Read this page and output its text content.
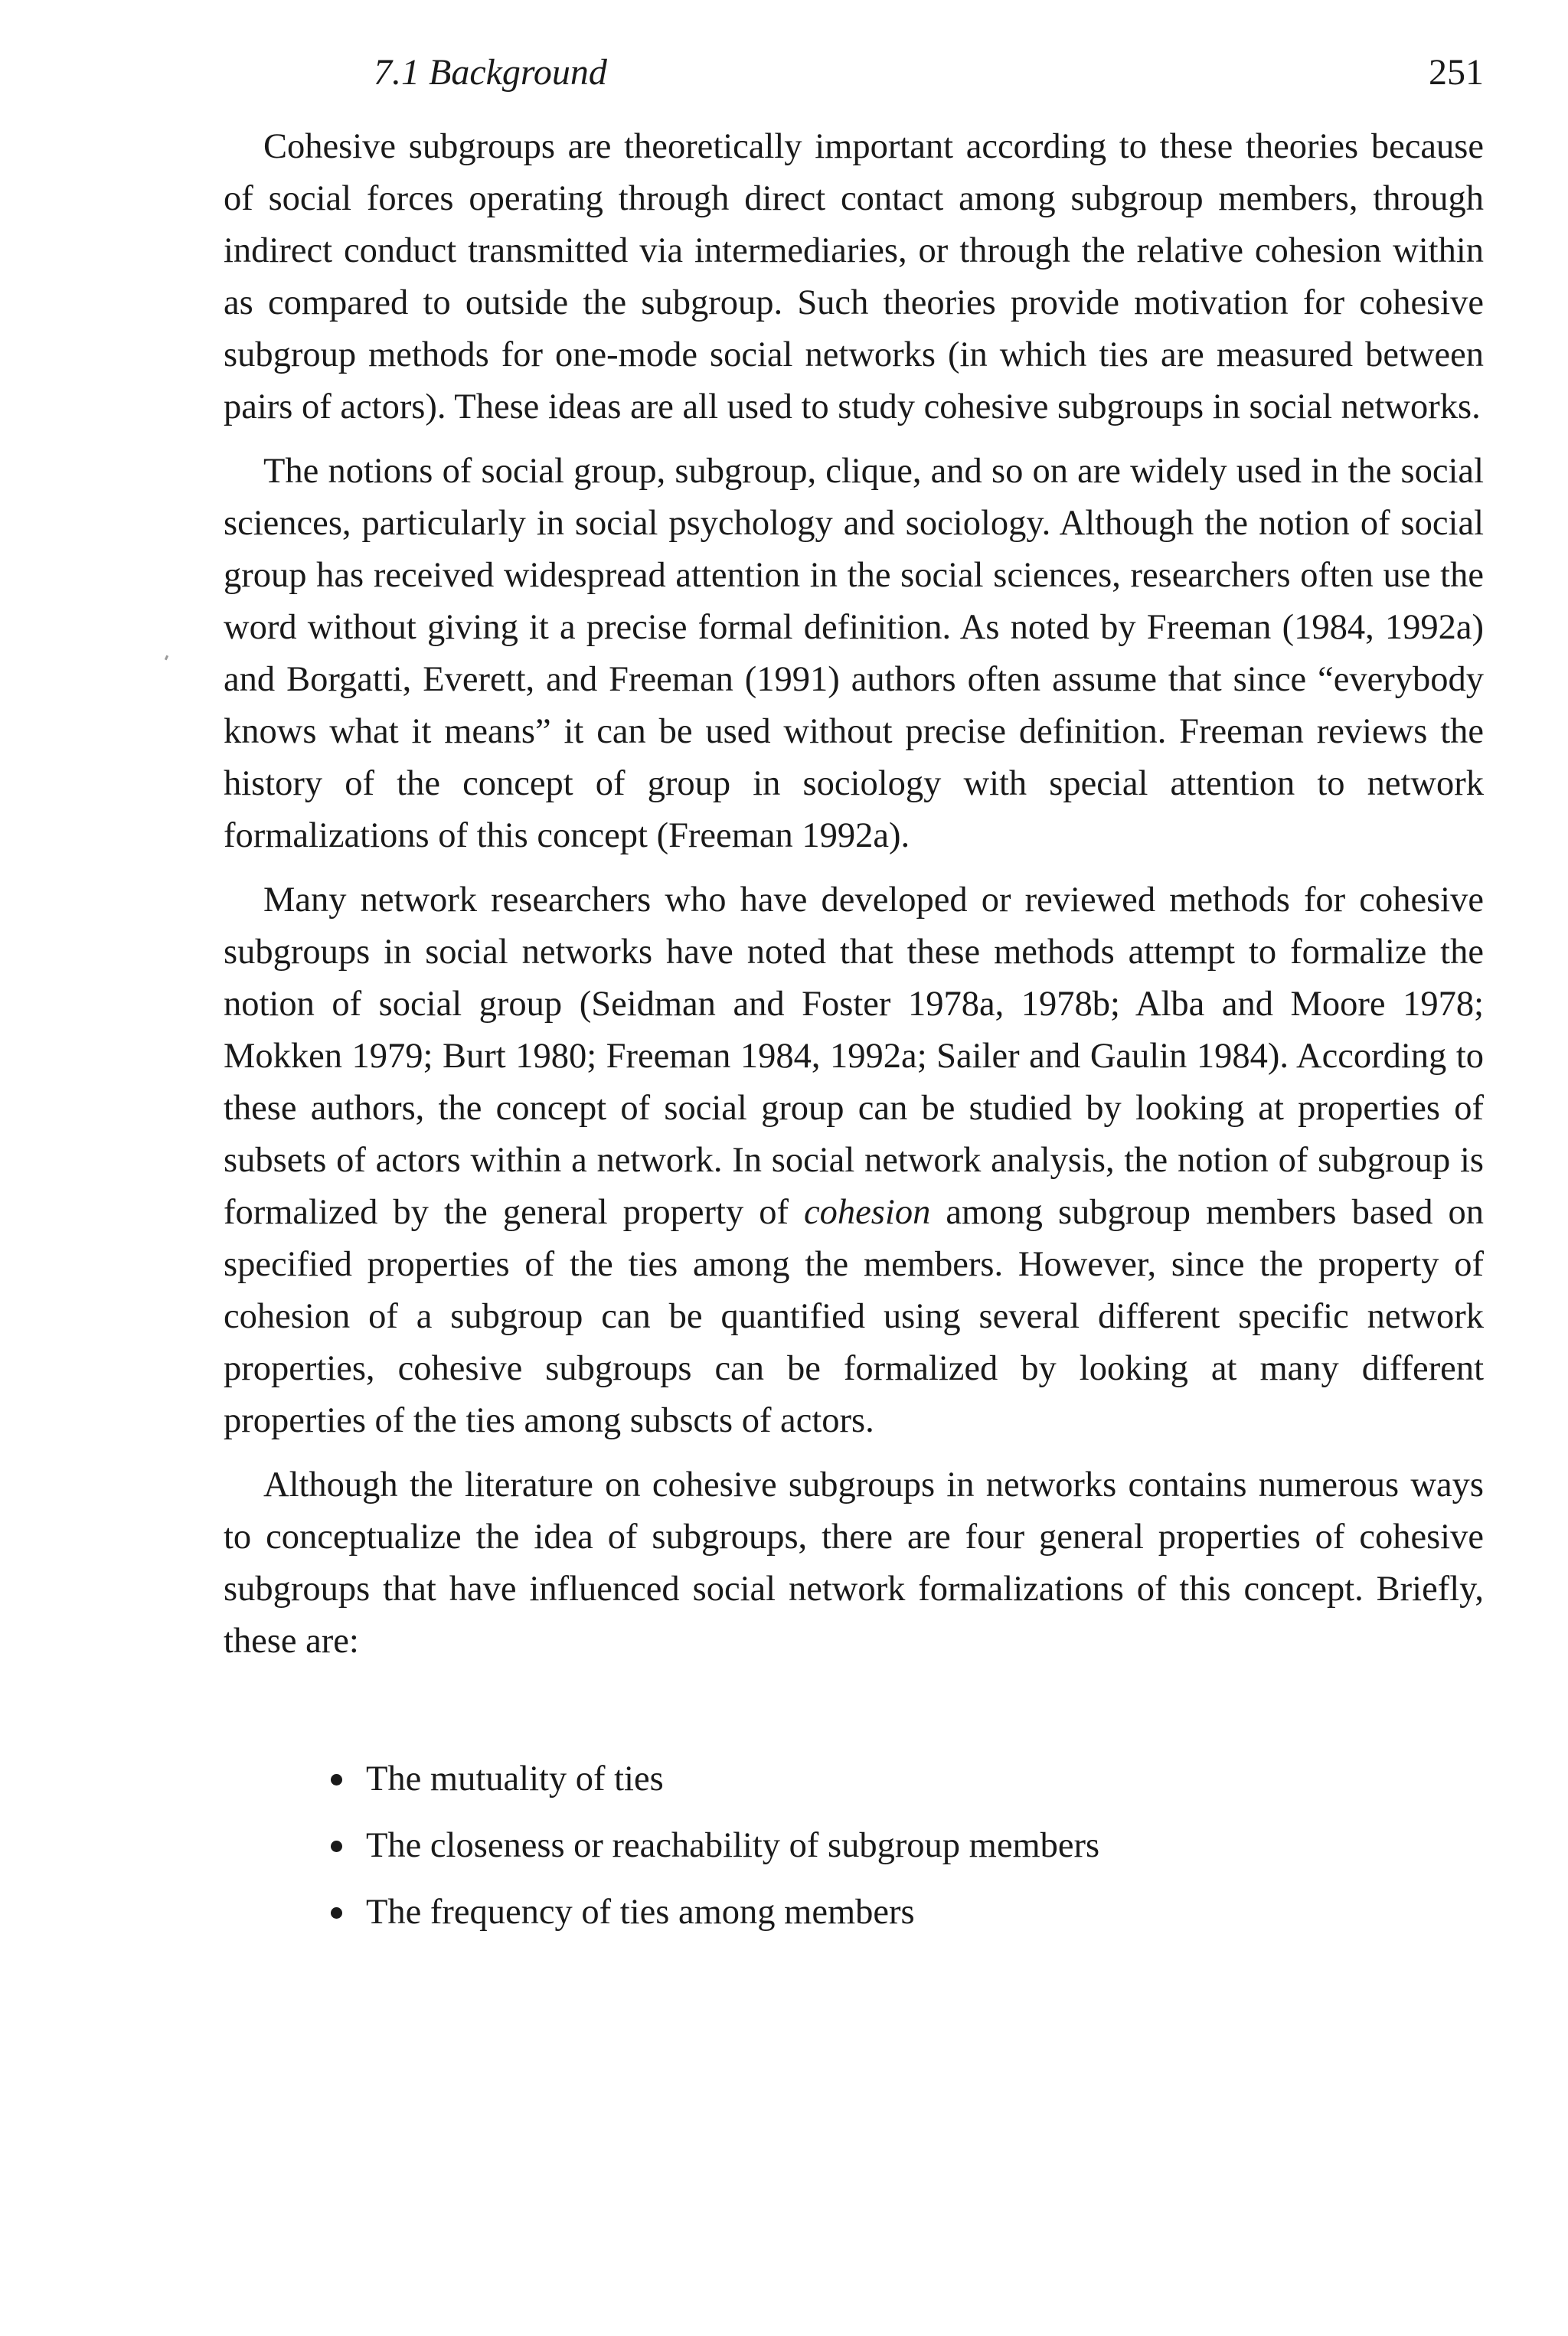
7.1 Background	251

Cohesive subgroups are theoretically important according to these theories because of social forces operating through direct contact among subgroup members, through indirect conduct transmitted via intermediaries, or through the relative cohesion within as compared to outside the subgroup. Such theories provide motivation for cohesive subgroup methods for one-mode social networks (in which ties are measured between pairs of actors). These ideas are all used to study cohesive subgroups in social networks.

The notions of social group, subgroup, clique, and so on are widely used in the social sciences, particularly in social psychology and sociology. Although the notion of social group has received widespread attention in the social sciences, researchers often use the word without giving it a precise formal definition. As noted by Freeman (1984, 1992a) and Borgatti, Everett, and Freeman (1991) authors often assume that since “everybody knows what it means” it can be used without precise definition. Freeman reviews the history of the concept of group in sociology with special attention to network formalizations of this concept (Freeman 1992a).

Many network researchers who have developed or reviewed methods for cohesive subgroups in social networks have noted that these methods attempt to formalize the notion of social group (Seidman and Foster 1978a, 1978b; Alba and Moore 1978; Mokken 1979; Burt 1980; Freeman 1984, 1992a; Sailer and Gaulin 1984). According to these authors, the concept of social group can be studied by looking at properties of subsets of actors within a network. In social network analysis, the notion of subgroup is formalized by the general property of cohesion among subgroup members based on specified properties of the ties among the members. However, since the property of cohesion of a subgroup can be quantified using several different specific network properties, cohesive subgroups can be formalized by looking at many different properties of the ties among subscts of actors.

Although the literature on cohesive subgroups in networks contains numerous ways to conceptualize the idea of subgroups, there are four general properties of cohesive subgroups that have influenced social network formalizations of this concept. Briefly, these are:

The mutuality of ties
The closeness or reachability of subgroup members
The frequency of ties among members
